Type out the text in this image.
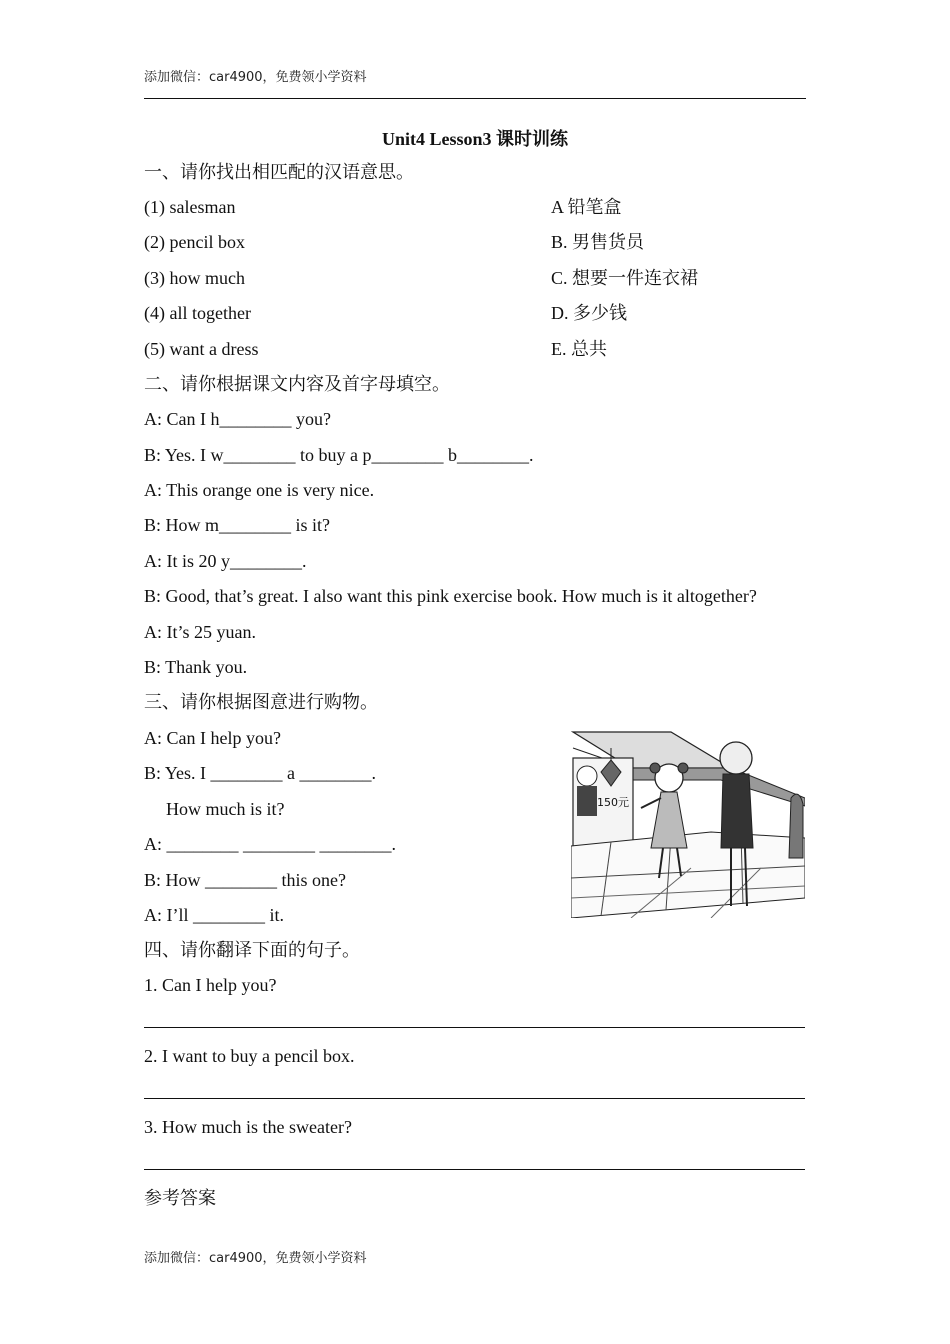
添加微信：car4900，免费领小学资料
Unit4 Lesson3 课时训练
一、请你找出相匹配的汉语意思。
(1) salesman
(2) pencil box
(3) how much
(4) all together
(5) want a dress
A 铅笔盒
B. 男售货员
C. 想要一件连衣裙
D. 多少钱
E. 总共
二、请你根据课文内容及首字母填空。
A: Can I h________ you?
B: Yes. I w________ to buy a p________ b________.
A: This orange one is very nice.
B: How m________ is it?
A: It is 20 y________.
B: Good, that’s great. I also want this pink exercise book. How much is it altogether?
A: It’s 25 yuan.
B: Thank you.
三、请你根据图意进行购物。
A: Can I help you?
B: Yes. I ________ a ________.
How much is it?
A: ________ ________ ________.
B: How ________ this one?
A: I’ll ________ it.
150元
四、请你翻译下面的句子。
1. Can I help you?
2. I want to buy a pencil box.
3. How much is the sweater?
参考答案
添加微信：car4900，免费领小学资料
